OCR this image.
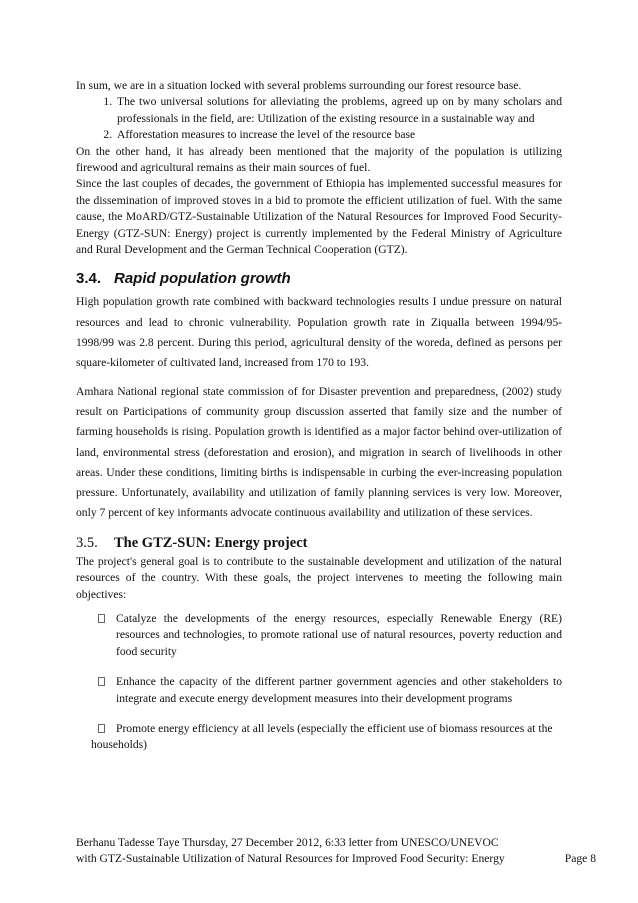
In sum, we are in a situation locked with several problems surrounding our forest resource base.

1. The two universal solutions for alleviating the problems, agreed up on by many scholars and professionals in the field, are: Utilization of the existing resource in a sustainable way and
2. Afforestation measures to increase the level of the resource base

On the other hand, it has already been mentioned that the majority of the population is utilizing firewood and agricultural remains as their main sources of fuel.

Since the last couples of decades, the government of Ethiopia has implemented successful measures for the dissemination of improved stoves in a bid to promote the efficient utilization of fuel. With the same cause, the MoARD/GTZ-Sustainable Utilization of the Natural Resources for Improved Food Security-Energy (GTZ-SUN: Energy) project is currently implemented by the Federal Ministry of Agriculture and Rural Development and the German Technical Cooperation (GTZ).

3.4. Rapid population growth

High population growth rate combined with backward technologies results I undue pressure on natural resources and lead to chronic vulnerability. Population growth rate in Ziqualla between 1994/95-1998/99 was 2.8 percent. During this period, agricultural density of the woreda, defined as persons per square-kilometer of cultivated land, increased from 170 to 193.

Amhara National regional state commission of for Disaster prevention and preparedness, (2002) study result on Participations of community group discussion asserted that family size and the number of farming households is rising. Population growth is identified as a major factor behind over-utilization of land, environmental stress (deforestation and erosion), and migration in search of livelihoods in other areas. Under these conditions, limiting births is indispensable in curbing the ever-increasing population pressure. Unfortunately, availability and utilization of family planning services is very low. Moreover, only 7 percent of key informants advocate continuous availability and utilization of these services.

3.5. The GTZ-SUN: Energy project

The project's general goal is to contribute to the sustainable development and utilization of the natural resources of the country. With these goals, the project intervenes to meeting the following main objectives:

Catalyze the developments of the energy resources, especially Renewable Energy (RE) resources and technologies, to promote rational use of natural resources, poverty reduction and food security
Enhance the capacity of the different partner government agencies and other stakeholders to integrate and execute energy development measures into their development programs
Promote energy efficiency at all levels (especially the efficient use of biomass resources at the households)
Berhanu Tadesse Taye Thursday, 27 December 2012, 6:33 letter from UNESCO/UNEVOC
with GTZ-Sustainable Utilization of Natural Resources for Improved Food Security: Energy	Page 8
